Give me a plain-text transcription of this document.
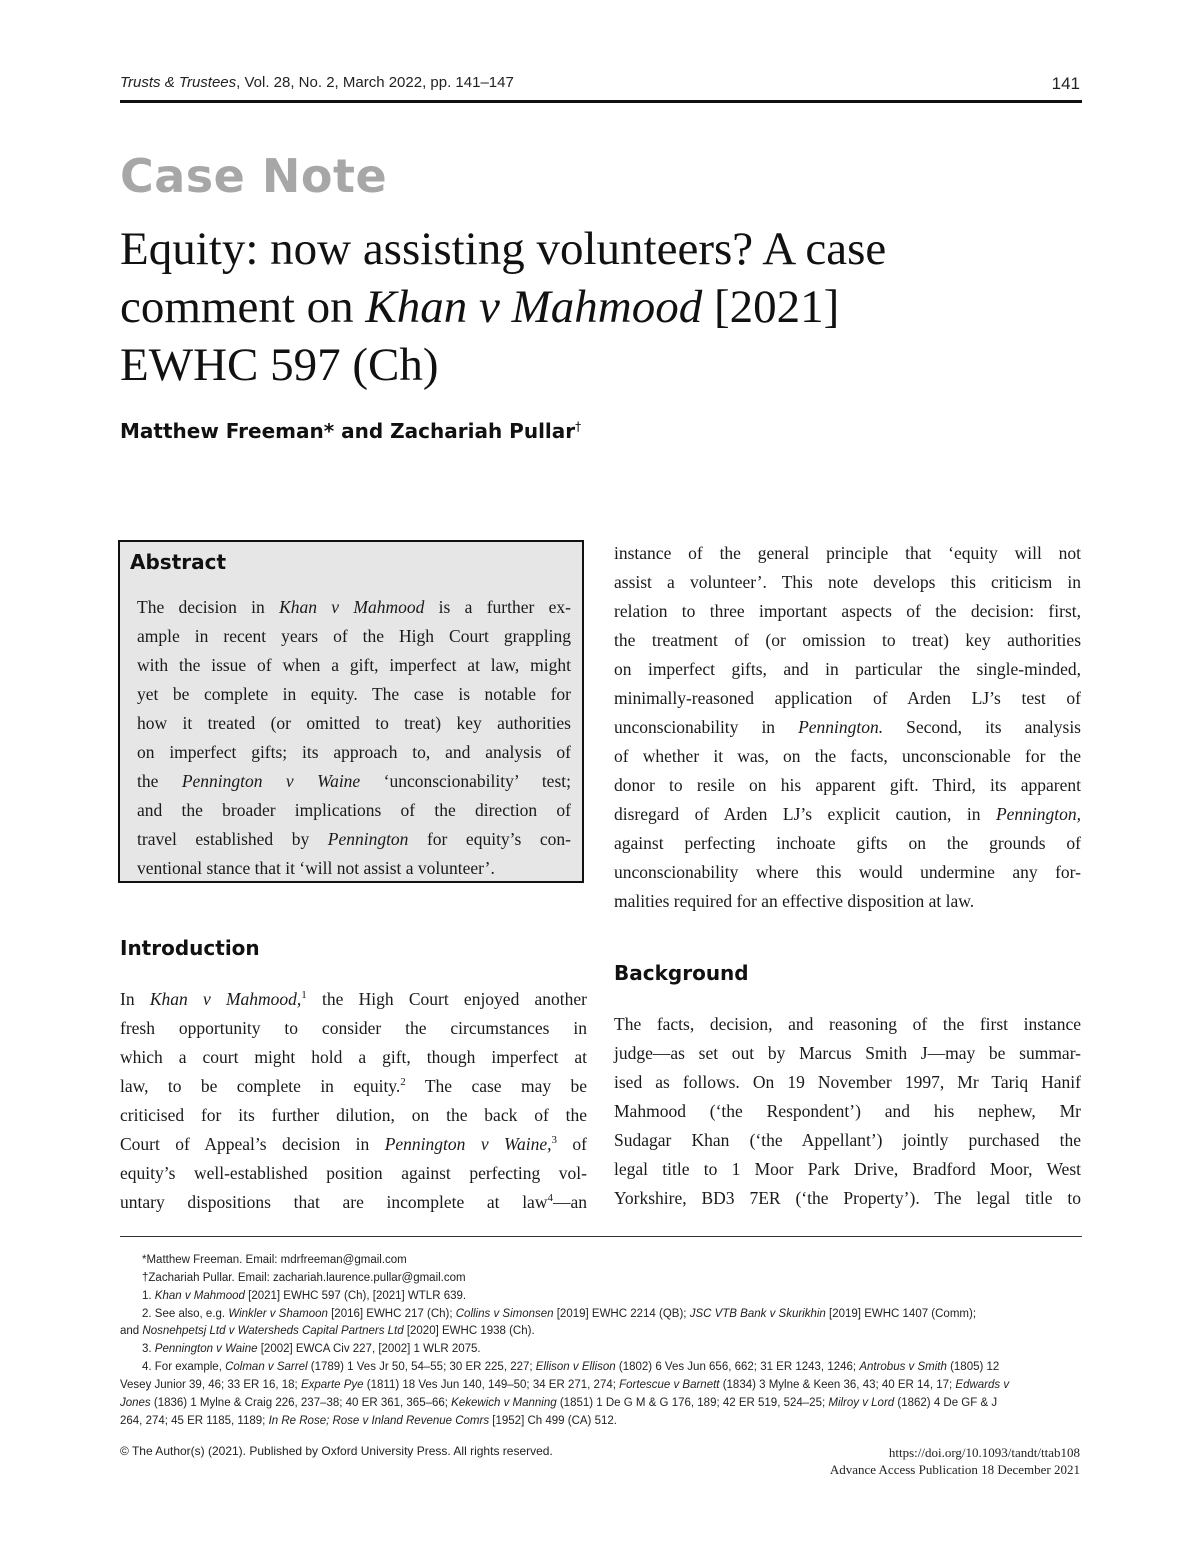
Trusts & Trustees, Vol. 28, No. 2, March 2022, pp. 141–147	141
Case Note
Equity: now assisting volunteers? A case
comment on Khan v Mahmood [2021]
EWHC 597 (Ch)
Matthew Freeman* and Zachariah Pullar†
Abstract
The decision in Khan v Mahmood is a further ex-
ample in recent years of the High Court grappling
with the issue of when a gift, imperfect at law, might
yet be complete in equity. The case is notable for
how it treated (or omitted to treat) key authorities
on imperfect gifts; its approach to, and analysis of
the Pennington v Waine ‘unconscionability’ test;
and the broader implications of the direction of
travel established by Pennington for equity’s con-
ventional stance that it ‘will not assist a volunteer’.
Introduction
In Khan v Mahmood,$^1$ the High Court enjoyed another
fresh opportunity to consider the circumstances in
which a court might hold a gift, though imperfect at
law, to be complete in equity.$^2$ The case may be
criticised for its further dilution, on the back of the
Court of Appeal’s decision in Pennington v Waine,$^3$ of
equity’s well-established position against perfecting vol-
untary dispositions that are incomplete at law$^4$—an
instance of the general principle that ‘equity will not
assist a volunteer’. This note develops this criticism in
relation to three important aspects of the decision: first,
the treatment of (or omission to treat) key authorities
on imperfect gifts, and in particular the single-minded,
minimally-reasoned application of Arden LJ’s test of
unconscionability in Pennington. Second, its analysis
of whether it was, on the facts, unconscionable for the
donor to resile on his apparent gift. Third, its apparent
disregard of Arden LJ’s explicit caution, in Pennington,
against perfecting inchoate gifts on the grounds of
unconscionability where this would undermine any for-
malities required for an effective disposition at law.
Background
The facts, decision, and reasoning of the first instance
judge—as set out by Marcus Smith J—may be summar-
ised as follows. On 19 November 1997, Mr Tariq Hanif
Mahmood (‘the Respondent’) and his nephew, Mr
Sudagar Khan (‘the Appellant’) jointly purchased the
legal title to 1 Moor Park Drive, Bradford Moor, West
Yorkshire, BD3 7ER (‘the Property’). The legal title to
*Matthew Freeman. Email: mdrfreeman@gmail.com
†Zachariah Pullar. Email: zachariah.laurence.pullar@gmail.com
1. Khan v Mahmood [2021] EWHC 597 (Ch), [2021] WTLR 639.
2. See also, e.g. Winkler v Shamoon [2016] EWHC 217 (Ch); Collins v Simonsen [2019] EWHC 2214 (QB); JSC VTB Bank v Skurikhin [2019] EWHC 1407 (Comm);
and Nosnehpetsj Ltd v Watersheds Capital Partners Ltd [2020] EWHC 1938 (Ch).
3. Pennington v Waine [2002] EWCA Civ 227, [2002] 1 WLR 2075.
4. For example, Colman v Sarrel (1789) 1 Ves Jr 50, 54–55; 30 ER 225, 227; Ellison v Ellison (1802) 6 Ves Jun 656, 662; 31 ER 1243, 1246; Antrobus v Smith (1805) 12
Vesey Junior 39, 46; 33 ER 16, 18; Exparte Pye (1811) 18 Ves Jun 140, 149–50; 34 ER 271, 274; Fortescue v Barnett (1834) 3 Mylne & Keen 36, 43; 40 ER 14, 17; Edwards v
Jones (1836) 1 Mylne & Craig 226, 237–38; 40 ER 361, 365–66; Kekewich v Manning (1851) 1 De G M & G 176, 189; 42 ER 519, 524–25; Milroy v Lord (1862) 4 De GF & J
264, 274; 45 ER 1185, 1189; In Re Rose; Rose v Inland Revenue Comrs [1952] Ch 499 (CA) 512.
© The Author(s) (2021). Published by Oxford University Press. All rights reserved.	https://doi.org/10.1093/tandt/ttab108
Advance Access Publication 18 December 2021
